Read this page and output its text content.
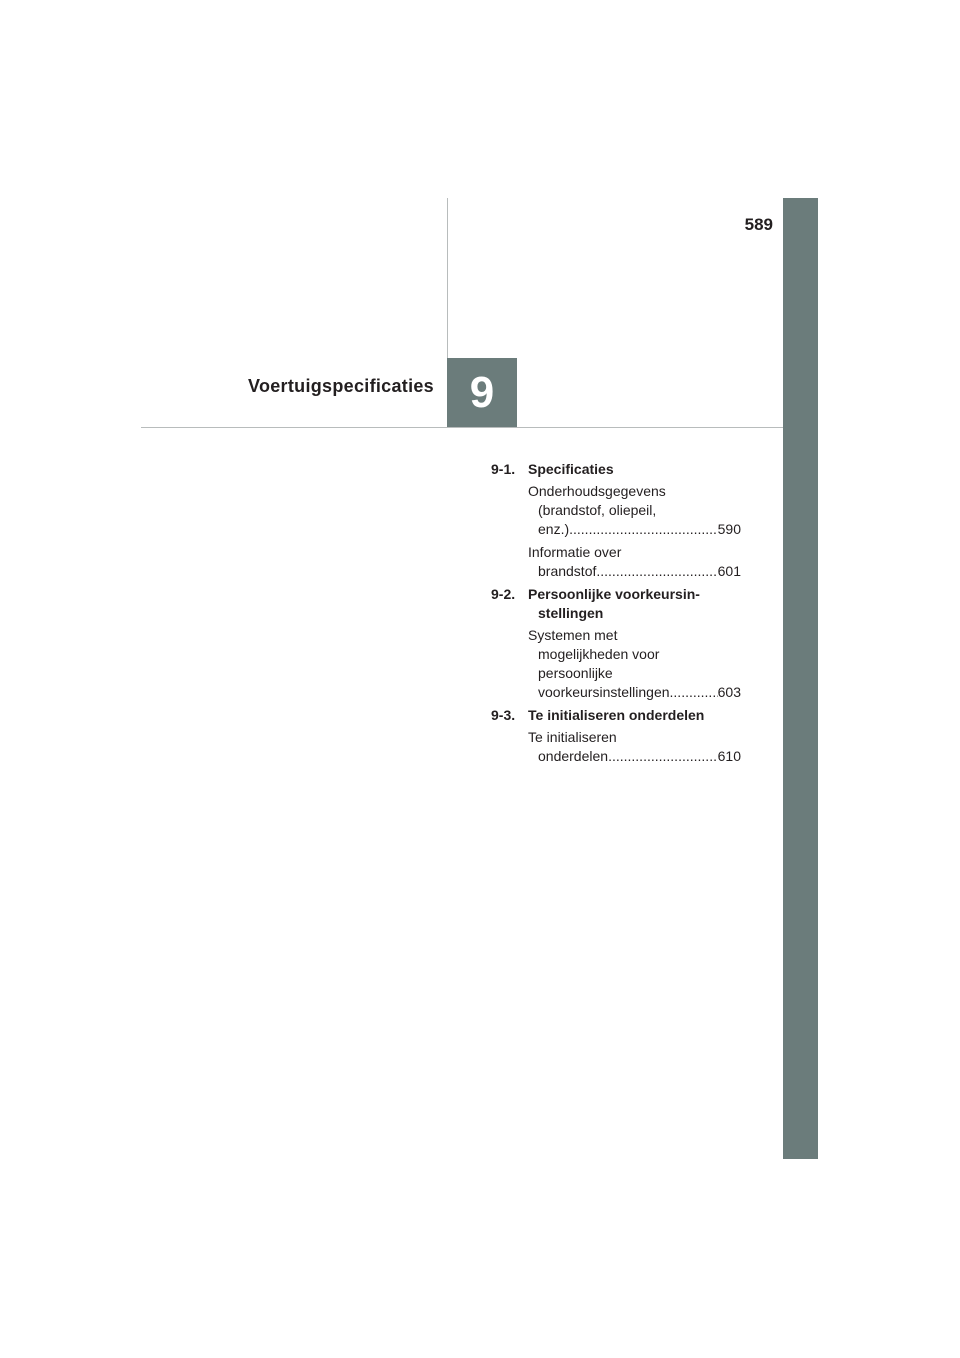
589
9
Voertuigspecificaties
9-1. Specificaties
Onderhoudsgegevens
(brandstof, oliepeil,
enz.) .....	590
Informatie over
brandstof .....	601
9-2. Persoonlijke voorkeursin-
stellingen
Systemen met
mogelijkheden voor
persoonlijke
voorkeursinstellingen .....	603
9-3. Te initialiseren onderdelen
Te initialiseren
onderdelen .....	610
